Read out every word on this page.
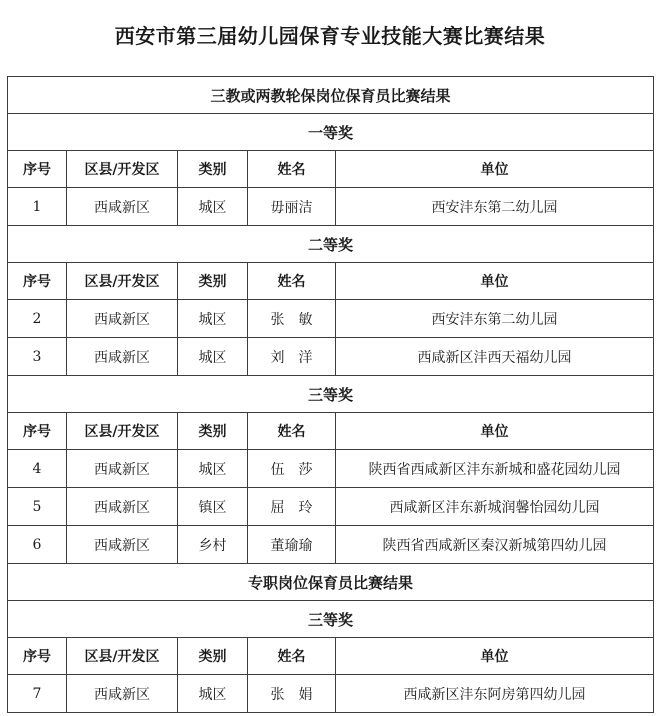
西安市第三届幼儿园保育专业技能大赛比赛结果
三教或两教轮保岗位保育员比赛结果				
一等奖				
序号	区县/开发区	类别	姓名	单位
1	西咸新区	城区	毋丽洁	西安沣东第二幼儿园
二等奖				
序号	区县/开发区	类别	姓名	单位
2	西咸新区	城区	张　敏	西安沣东第二幼儿园
3	西咸新区	城区	刘　洋	西咸新区沣西天福幼儿园
三等奖				
序号	区县/开发区	类别	姓名	单位
4	西咸新区	城区	伍　莎	陕西省西咸新区沣东新城和盛花园幼儿园
5	西咸新区	镇区	屈　玲	西咸新区沣东新城润馨怡园幼儿园
6	西咸新区	乡村	董瑜瑜	陕西省西咸新区秦汉新城第四幼儿园
专职岗位保育员比赛结果				
三等奖				
序号	区县/开发区	类别	姓名	单位
7	西咸新区	城区	张　娟	西咸新区沣东阿房第四幼儿园
